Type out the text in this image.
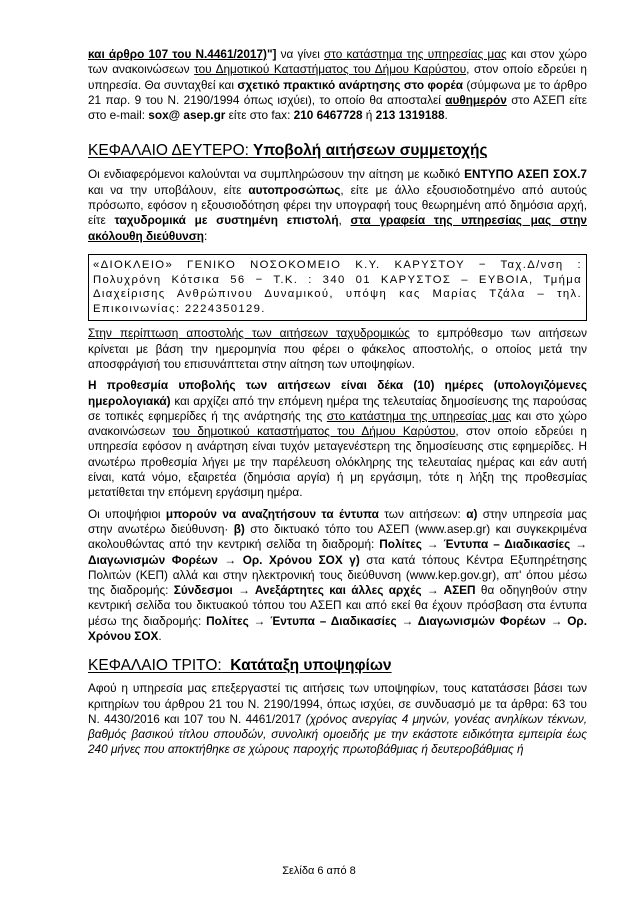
και άρθρο 107 του N.4461/2017)"] να γίνει στο κατάστημα της υπηρεσίας μας και στον χώρο των ανακοινώσεων του Δημοτικού Καταστήματος του Δήμου Καρύστου, στον οποίο εδρεύει η υπηρεσία. Θα συνταχθεί και σχετικό πρακτικό ανάρτησης στο φορέα (σύμφωνα με το άρθρο 21 παρ. 9 του Ν. 2190/1994 όπως ισχύει), το οποίο θα αποσταλεί αυθημερόν στο ΑΣΕΠ είτε στο e-mail: sox@ asep.gr είτε στο fax: 210 6467728 ή 213 1319188.

ΚΕΦΑΛΑΙΟ ΔΕΥΤΕΡΟ: Υποβολή αιτήσεων συμμετοχής

Οι ενδιαφερόμενοι καλούνται να συμπληρώσουν την αίτηση με κωδικό ΕΝΤΥΠΟ ΑΣΕΠ ΣΟΧ.7 και να την υποβάλουν, είτε αυτοπροσώπως, είτε με άλλο εξουσιοδοτημένο από αυτούς πρόσωπο, εφόσον η εξουσιοδότηση φέρει την υπογραφή τους θεωρημένη από δημόσια αρχή, είτε ταχυδρομικά με συστημένη επιστολή, στα γραφεία της υπηρεσίας μας στην ακόλουθη διεύθυνση:

«ΔΙΟΚΛΕΙΟ» ΓΕΝΙΚΟ ΝΟΣΟΚΟΜΕΙΟ Κ.Υ. ΚΑΡΥΣΤΟΥ − Ταχ.Δ/νση : Πολυχρόνη Κότσικα 56 − Τ.Κ. : 340 01 ΚΑΡΥΣΤΟΣ – ΕΥΒΟΙΑ, Τμήμα Διαχείρισης Ανθρώπινου Δυναμικού, υπόψη κας Μαρίας Τζάλα – τηλ. Επικοινωνίας: 2224350129.

Στην περίπτωση αποστολής των αιτήσεων ταχυδρομικώς το εμπρόθεσμο των αιτήσεων κρίνεται με βάση την ημερομηνία που φέρει ο φάκελος αποστολής, ο οποίος μετά την αποσφράγισή του επισυνάπτεται στην αίτηση των υποψηφίων.

Η προθεσμία υποβολής των αιτήσεων είναι δέκα (10) ημέρες (υπολογιζόμενες ημερολογιακά) και αρχίζει από την επόμενη ημέρα της τελευταίας δημοσίευσης της παρούσας σε τοπικές εφημερίδες ή της ανάρτησής της στο κατάστημα της υπηρεσίας μας και στο χώρο ανακοινώσεων του δημοτικού καταστήματος του Δήμου Καρύστου, στον οποίο εδρεύει η υπηρεσία εφόσον η ανάρτηση είναι τυχόν μεταγενέστερη της δημοσίευσης στις εφημερίδες. Η ανωτέρω προθεσμία λήγει με την παρέλευση ολόκληρης της τελευταίας ημέρας και εάν αυτή είναι, κατά νόμο, εξαιρετέα (δημόσια αργία) ή μη εργάσιμη, τότε η λήξη της προθεσμίας μετατίθεται την επόμενη εργάσιμη ημέρα.

Οι υποψήφιοι μπορούν να αναζητήσουν τα έντυπα των αιτήσεων: α) στην υπηρεσία μας στην ανωτέρω διεύθυνση· β) στο δικτυακό τόπο του ΑΣΕΠ (www.asep.gr) και συγκεκριμένα ακολουθώντας από την κεντρική σελίδα τη διαδρομή: Πολίτες → Έντυπα – Διαδικασίες → Διαγωνισμών Φορέων → Ορ. Χρόνου ΣΟΧ γ) στα κατά τόπους Κέντρα Εξυπηρέτησης Πολιτών (ΚΕΠ) αλλά και στην ηλεκτρονική τους διεύθυνση (www.kep.gov.gr), απ' όπου μέσω της διαδρομής: Σύνδεσμοι → Ανεξάρτητες και άλλες αρχές → ΑΣΕΠ θα οδηγηθούν στην κεντρική σελίδα του δικτυακού τόπου του ΑΣΕΠ και από εκεί θα έχουν πρόσβαση στα έντυπα μέσω της διαδρομής: Πολίτες → Έντυπα – Διαδικασίες → Διαγωνισμών Φορέων → Ορ. Χρόνου ΣΟΧ.

ΚΕΦΑΛΑΙΟ ΤΡΙΤΟ:  Κατάταξη υποψηφίων

Αφού η υπηρεσία μας επεξεργαστεί τις αιτήσεις των υποψηφίων, τους κατατάσσει βάσει των κριτηρίων του άρθρου 21 του N. 2190/1994, όπως ισχύει, σε συνδυασμό με τα άρθρα: 63 του N. 4430/2016 και 107 του N. 4461/2017 (χρόνος ανεργίας 4 μηνών, γονέας ανηλίκων τέκνων, βαθμός βασικού τίτλου σπουδών, συνολική ομοειδής με την εκάστοτε ειδικότητα εμπειρία έως 240 μήνες που αποκτήθηκε σε χώρους παροχής πρωτοβάθμιας ή δευτεροβάθμιας ή

Σελίδα 6 από 8
